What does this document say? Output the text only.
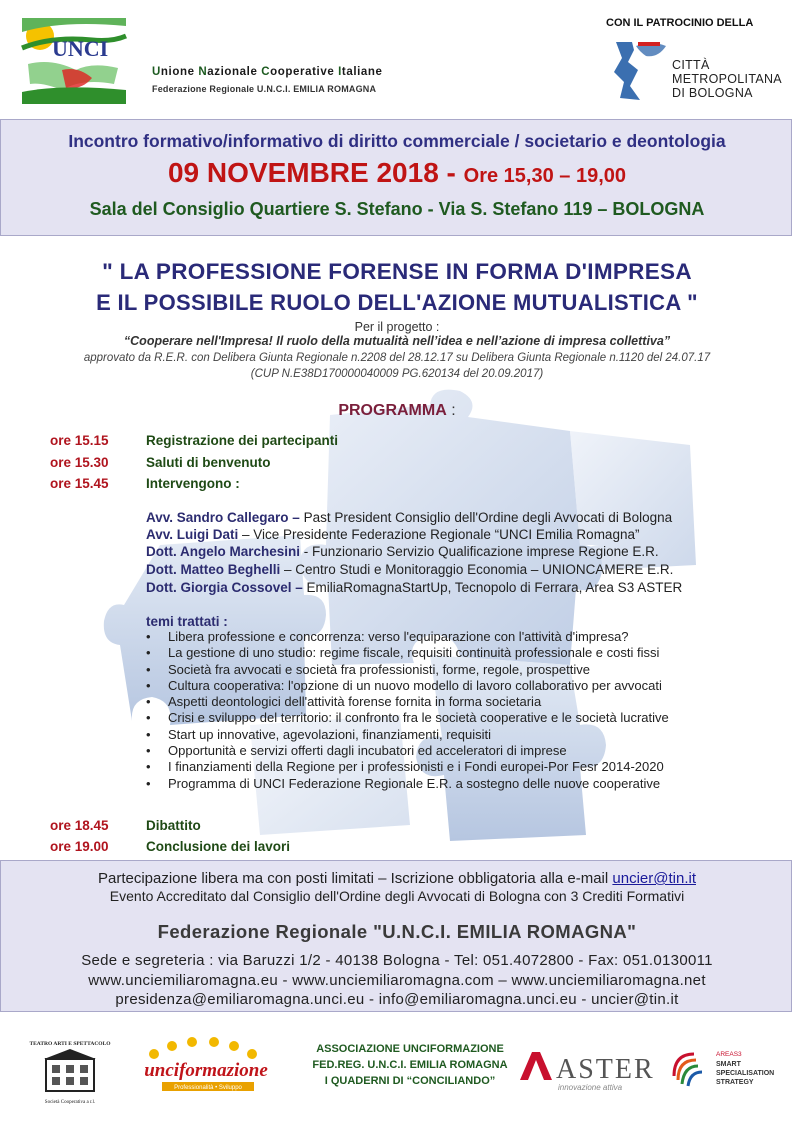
UNCI
Unione Nazionale Cooperative Italiane
Federazione Regionale U.N.C.I. EMILIA ROMAGNA
CON IL PATROCINIO DELLA
CITTÀ
METROPOLITANA
DI BOLOGNA
Incontro formativo/informativo di diritto commerciale / societario e deontologia
09 NOVEMBRE 2018 - Ore 15,30 – 19,00
Sala del Consiglio Quartiere S. Stefano - Via S. Stefano 119 – BOLOGNA
" LA PROFESSIONE FORENSE IN FORMA D'IMPRESA
E IL POSSIBILE RUOLO DELL'AZIONE MUTUALISTICA "
Per il progetto :
“Cooperare nell'Impresa! Il ruolo della mutualità nell’idea e nell’azione di impresa collettiva”
approvato da R.E.R. con Delibera Giunta Regionale n.2208 del 28.12.17 su Delibera Giunta Regionale n.1120 del 24.07.17
(CUP N.E38D170000040009 PG.620134 del 20.09.2017)
PROGRAMMA :
ore 15.15	Registrazione dei partecipanti
ore 15.30	Saluti di benvenuto
ore 15.45	Intervengono :
Avv. Sandro Callegaro – Past President Consiglio dell'Ordine degli Avvocati di Bologna
Avv. Luigi Dati – Vice Presidente Federazione Regionale “UNCI Emilia Romagna”
Dott. Angelo Marchesini - Funzionario Servizio Qualificazione imprese Regione E.R.
Dott. Matteo Beghelli – Centro Studi e Monitoraggio Economia – UNIONCAMERE E.R.
Dott. Giorgia Cossovel – EmiliaRomagnaStartUp, Tecnopolo di Ferrara, Area S3 ASTER
temi trattati :
• Libera professione e concorrenza: verso l'equiparazione con l'attività d'impresa?
• La gestione di uno studio: regime fiscale, requisiti continuità professionale e costi fissi
• Società fra avvocati e società fra professionisti, forme, regole, prospettive
• Cultura cooperativa: l'opzione di un nuovo modello di lavoro collaborativo per avvocati
• Aspetti deontologici dell'attività forense fornita in forma societaria
• Crisi e sviluppo del territorio: il confronto fra le società cooperative e le società lucrative
• Start up innovative, agevolazioni, finanziamenti, requisiti
• Opportunità e servizi offerti dagli incubatori ed acceleratori di imprese
• I finanziamenti della Regione per i professionisti e i Fondi europei-Por Fesr 2014-2020
• Programma di UNCI Federazione Regionale E.R. a sostegno delle nuove cooperative
ore 18.45	Dibattito
ore 19.00	Conclusione dei lavori
Partecipazione libera ma con posti limitati – Iscrizione obbligatoria alla e-mail uncier@tin.it
Evento Accreditato dal Consiglio dell'Ordine degli Avvocati di Bologna con 3 Crediti Formativi
Federazione Regionale "U.N.C.I. EMILIA ROMAGNA"
Sede e segreteria : via Baruzzi 1/2 - 40138 Bologna - Tel: 051.4072800 - Fax: 051.0130011
www.unciemiliaromagna.eu - www.unciemiliaromagna.com – www.unciemiliaromagna.net
presidenza@emiliaromagna.unci.eu - info@emiliaromagna.unci.eu - uncier@tin.it
TEATRO ARTI E SPETTACOLO
Società Cooperativa a r.l.
unciformazione
Professionalità • Sviluppo
ASSOCIAZIONE UNCIFORMAZIONE
FED.REG. U.N.C.I. EMILIA ROMAGNA
I QUADERNI DI “CONCILIANDO”	ASTER
innovazione attiva
AREAS3
SMART
SPECIALISATION
STRATEGY
